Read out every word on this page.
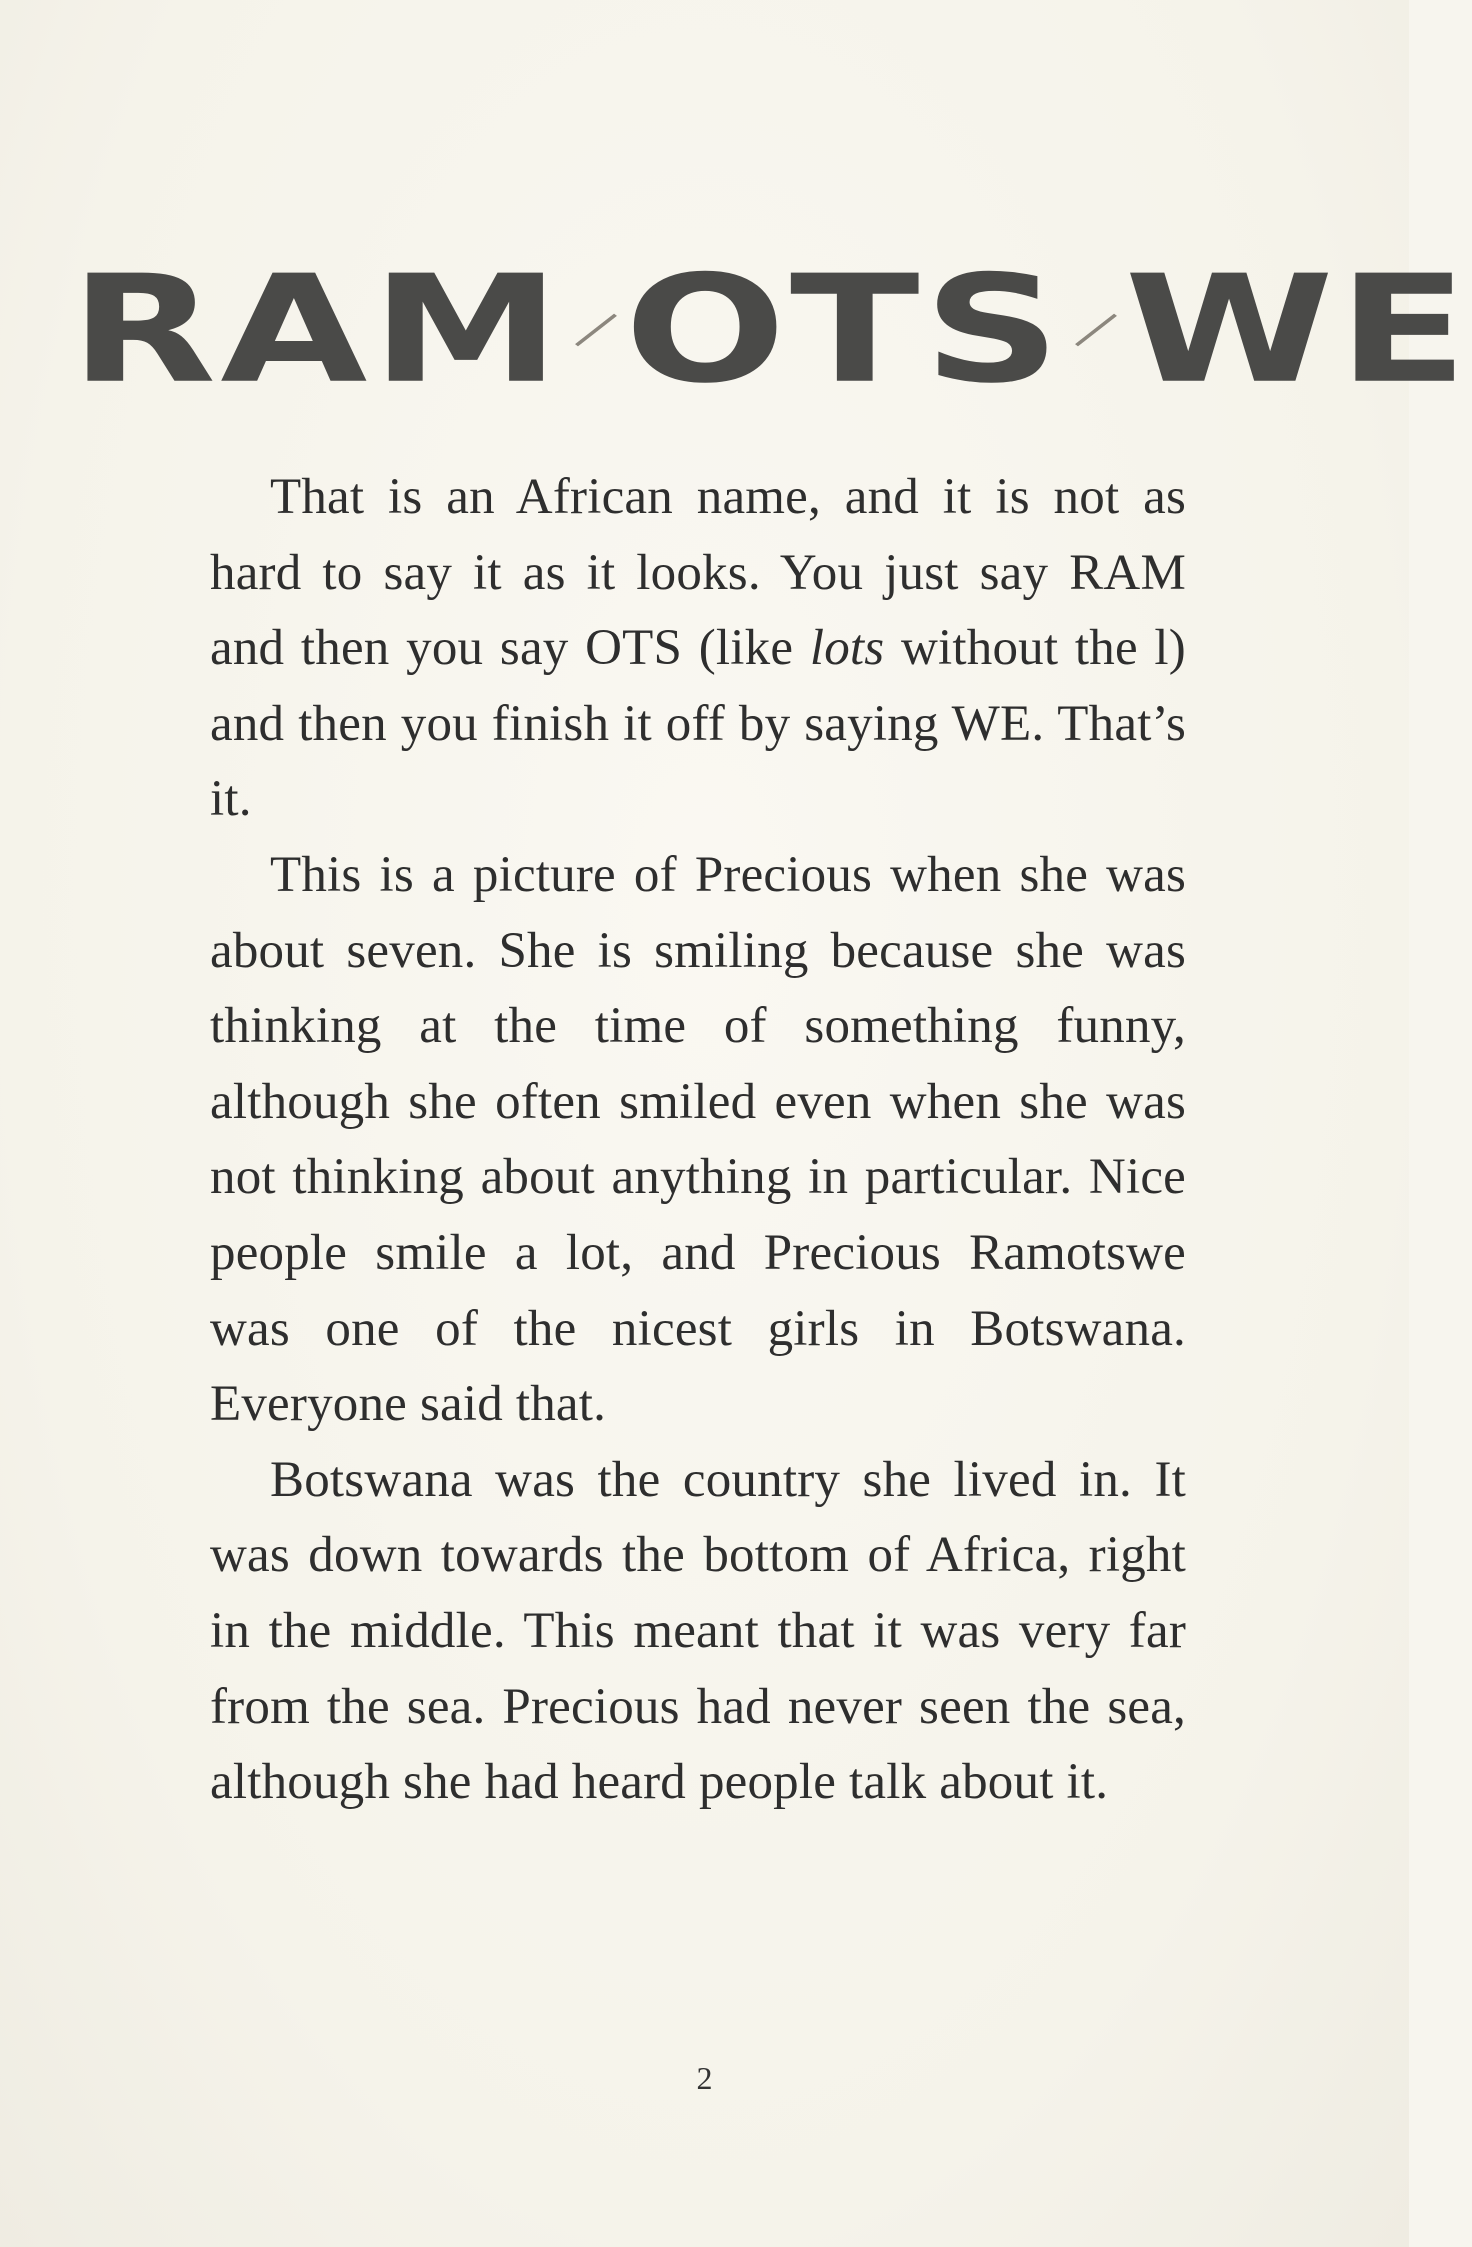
RAM OTS WE

That is an African name, and it is not as hard to say it as it looks. You just say RAM and then you say OTS (like lots without the l) and then you finish it off by saying WE. That’s it.

This is a picture of Precious when she was about seven. She is smiling because she was thinking at the time of something funny, although she often smiled even when she was not thinking about anything in particular. Nice people smile a lot, and Precious Ramotswe was one of the nicest girls in Botswana. Everyone said that.

Botswana was the country she lived in. It was down towards the bottom of Africa, right in the middle. This meant that it was very far from the sea. Precious had never seen the sea, although she had heard people talk about it.

2
